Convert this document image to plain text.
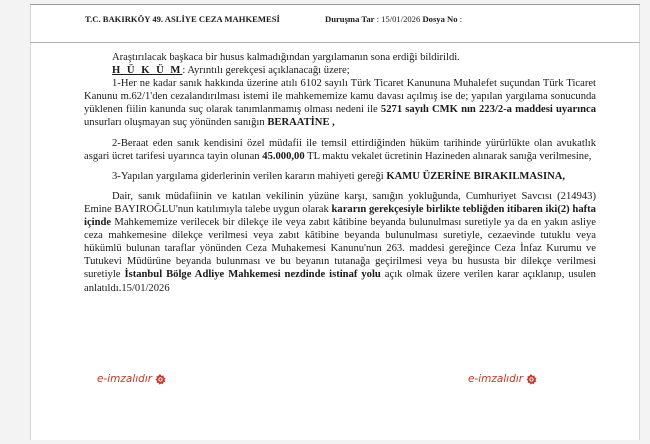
T.C. BAKIRKÖY 49. ASLİYE CEZA MAHKEMESİ	Duruşma Tar : 15/01/2026 Dosya No :

Araştırılacak başkaca bir husus kalmadığından yargılamanın sona erdiği bildirildi.

H Ü K Ü M: Ayrıntılı gerekçesi açıklanacağı üzere;

1-Her ne kadar sanık hakkında üzerine atılı 6102 sayılı Türk Ticaret Kanununa Muhalefet suçundan Türk Ticaret Kanunu m.62/1'den cezalandırılması istemi ile mahkememize kamu davası açılmış ise de; yapılan yargılama sonucunda yüklenen fiilin kanunda suç olarak tanımlanmamış olması nedeni ile 5271 sayılı CMK nın 223/2-a maddesi uyarınca unsurları oluşmayan suç yönünden sanığın BERAATİNE ,

2-Beraat eden sanık kendisini özel müdafii ile temsil ettirdiğinden hüküm tarihinde yürürlükte olan avukatlık asgari ücret tarifesi uyarınca tayin olunan 45.000,00 TL maktu vekalet ücretinin Hazineden alınarak sanığa verilmesine,

3-Yapılan yargılama giderlerinin verilen kararın mahiyeti gereği KAMU ÜZERİNE BIRAKILMASINA,

Dair, sanık müdafiinin ve katılan vekilinin yüzüne karşı, sanığın yokluğunda, Cumhuriyet Savcısı (214943) Emine BAYIROĞLU'nun katılımıyla talebe uygun olarak kararın gerekçesiyle birlikte tebliğden itibaren iki(2) hafta içinde Mahkememize verilecek bir dilekçe ile veya zabıt kâtibine beyanda bulunulması suretiyle ya da en yakın asliye ceza mahkemesine dilekçe verilmesi veya zabıt kâtibine beyanda bulunulması suretiyle, cezaevinde tutuklu veya hükümlü bulunan taraflar yönünden Ceza Muhakemesi Kanunu'nun 263. maddesi gereğince Ceza İnfaz Kurumu ve Tutukevi Müdürüne beyanda bulunması ve bu beyanın tutanağa geçirilmesi veya bu hususta bir dilekçe verilmesi suretiyle İstanbul Bölge Adliye Mahkemesi nezdinde istinaf yolu açık olmak üzere verilen karar açıklanıp, usulen anlatıldı.15/01/2026

e-imzalıdır	e-imzalıdır
